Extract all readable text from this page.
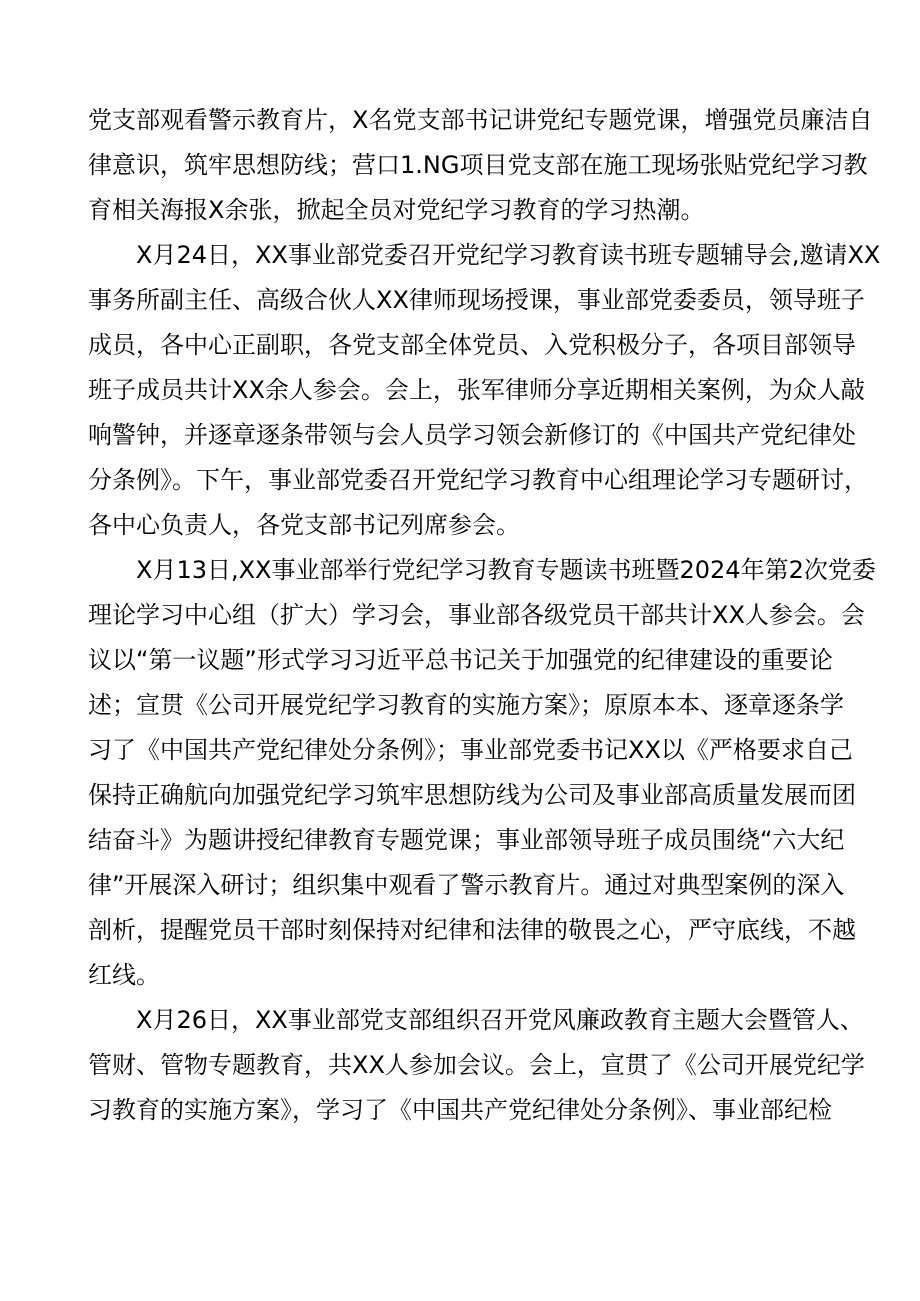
党支部观看警示教育片，X名党支部书记讲党纪专题党课，增强党员廉洁自
律意识，筑牢思想防线；营口1.NG项目党支部在施工现场张贴党纪学习教
育相关海报X余张，掀起全员对党纪学习教育的学习热潮。
X月24日，XX事业部党委召开党纪学习教育读书班专题辅导会,邀请XX
事务所副主任、高级合伙人XX律师现场授课，事业部党委委员，领导班子
成员，各中心正副职，各党支部全体党员、入党积极分子，各项目部领导
班子成员共计XX余人参会。会上，张军律师分享近期相关案例，为众人敲
响警钟，并逐章逐条带领与会人员学习领会新修订的《中国共产党纪律处
分条例》。下午，事业部党委召开党纪学习教育中心组理论学习专题研讨，
各中心负责人，各党支部书记列席参会。
X月13日,XX事业部举行党纪学习教育专题读书班暨2024年第2次党委
理论学习中心组（扩大）学习会，事业部各级党员干部共计XX人参会。会
议以“第一议题”形式学习习近平总书记关于加强党的纪律建设的重要论
述；宣贯《公司开展党纪学习教育的实施方案》；原原本本、逐章逐条学
习了《中国共产党纪律处分条例》；事业部党委书记XX以《严格要求自己
保持正确航向加强党纪学习筑牢思想防线为公司及事业部高质量发展而团
结奋斗》为题讲授纪律教育专题党课；事业部领导班子成员围绕“六大纪
律”开展深入研讨；组织集中观看了警示教育片。通过对典型案例的深入
剖析，提醒党员干部时刻保持对纪律和法律的敬畏之心，严守底线，不越
红线。
X月26日，XX事业部党支部组织召开党风廉政教育主题大会暨管人、
管财、管物专题教育，共XX人参加会议。会上，宣贯了《公司开展党纪学
习教育的实施方案》，学习了《中国共产党纪律处分条例》、事业部纪检
